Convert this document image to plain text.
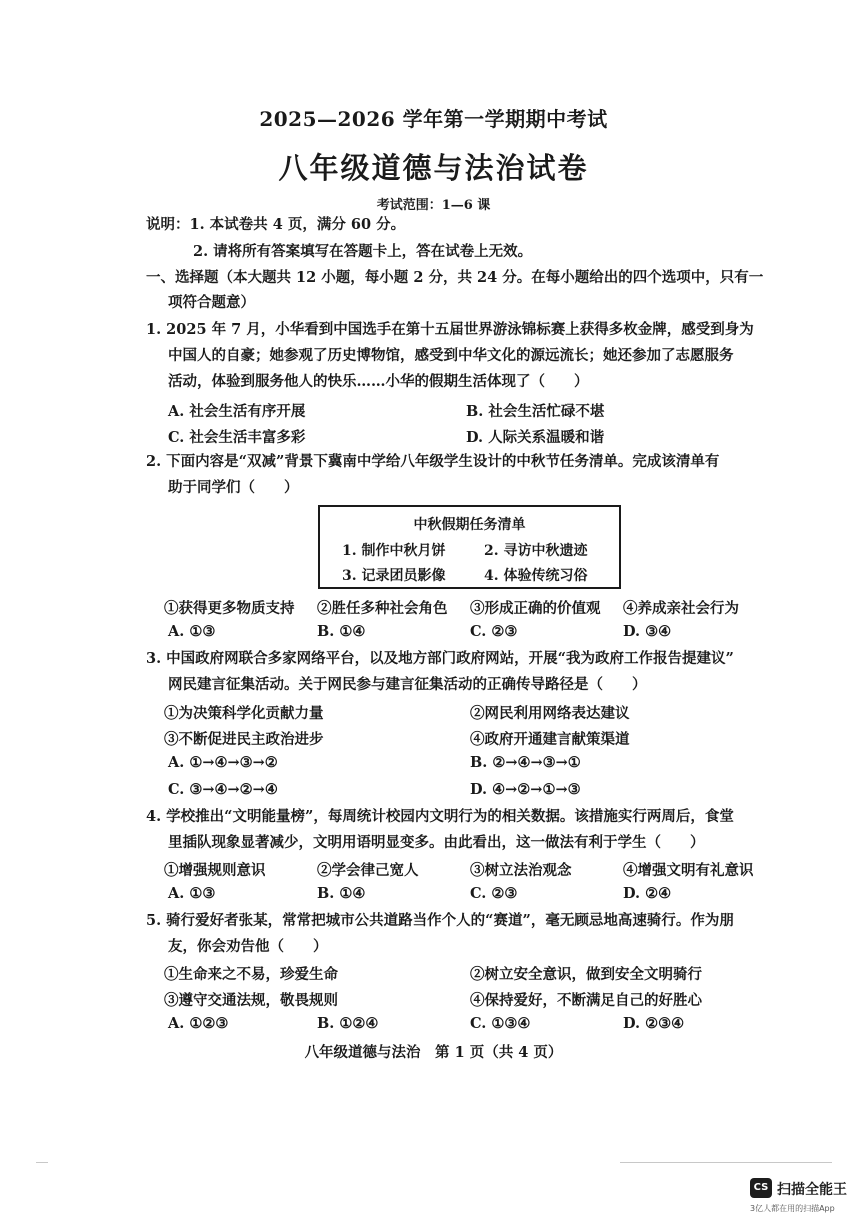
2025—2026 学年第一学期期中考试
八年级道德与法治试卷
考试范围：1—6 课
说明：1. 本试卷共 4 页，满分 60 分。
2. 请将所有答案填写在答题卡上，答在试卷上无效。
一、选择题（本大题共 12 小题，每小题 2 分，共 24 分。在每小题给出的四个选项中，只有一
项符合题意）
1. 2025 年 7 月，小华看到中国选手在第十五届世界游泳锦标赛上获得多枚金牌，感受到身为
中国人的自豪；她参观了历史博物馆，感受到中华文化的源远流长；她还参加了志愿服务
活动，体验到服务他人的快乐……小华的假期生活体现了（　　）
A. 社会生活有序开展	B. 社会生活忙碌不堪
C. 社会生活丰富多彩	D. 人际关系温暖和谐
2. 下面内容是“双减”背景下冀南中学给八年级学生设计的中秋节任务清单。完成该清单有
助于同学们（　　）
中秋假期任务清单
1. 制作中秋月饼	2. 寻访中秋遗迹
3. 记录团员影像	4. 体验传统习俗
①获得更多物质支持 ②胜任多种社会角色 ③形成正确的价值观 ④养成亲社会行为
A. ①③	B. ①④	C. ②③	D. ③④
3. 中国政府网联合多家网络平台，以及地方部门政府网站，开展“我为政府工作报告提建议”
网民建言征集活动。关于网民参与建言征集活动的正确传导路径是（　　）
①为决策科学化贡献力量	②网民利用网络表达建议
③不断促进民主政治进步	④政府开通建言献策渠道
A. ①→④→③→②	B. ②→④→③→①
C. ③→④→②→④	D. ④→②→①→③
4. 学校推出“文明能量榜”，每周统计校园内文明行为的相关数据。该措施实行两周后，食堂
里插队现象显著减少，文明用语明显变多。由此看出，这一做法有利于学生（　　）
①增强规则意识	②学会律己宽人	③树立法治观念	④增强文明有礼意识
A. ①③	B. ①④	C. ②③	D. ②④
5. 骑行爱好者张某，常常把城市公共道路当作个人的“赛道”，毫无顾忌地高速骑行。作为朋
友，你会劝告他（　　）
①生命来之不易，珍爱生命	②树立安全意识，做到安全文明骑行
③遵守交通法规，敬畏规则	④保持爱好，不断满足自己的好胜心
A. ①②③	B. ①②④	C. ①③④	D. ②③④
八年级道德与法治　第 1 页（共 4 页）
CS 扫描全能王
3亿人都在用的扫描App
